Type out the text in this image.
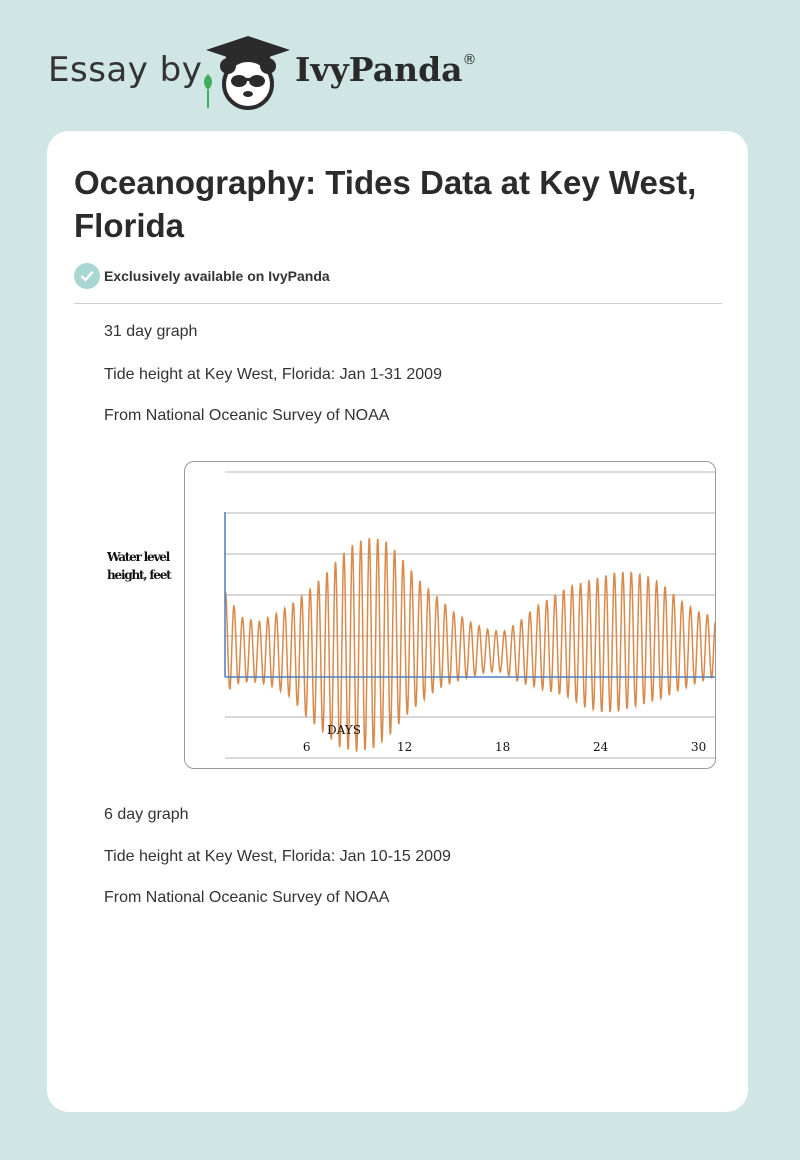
Essay by	IvyPanda®
Oceanography: Tides Data at Key West, Florida
Exclusively available on IvyPanda

31 day graph

Tide height at Key West, Florida: Jan 1-31 2009

From National Oceanic Survey of NOAA

Water level
height, feet
DAYS
6	12	18	24	30

6 day graph

Tide height at Key West, Florida: Jan 10-15 2009

From National Oceanic Survey of NOAA
